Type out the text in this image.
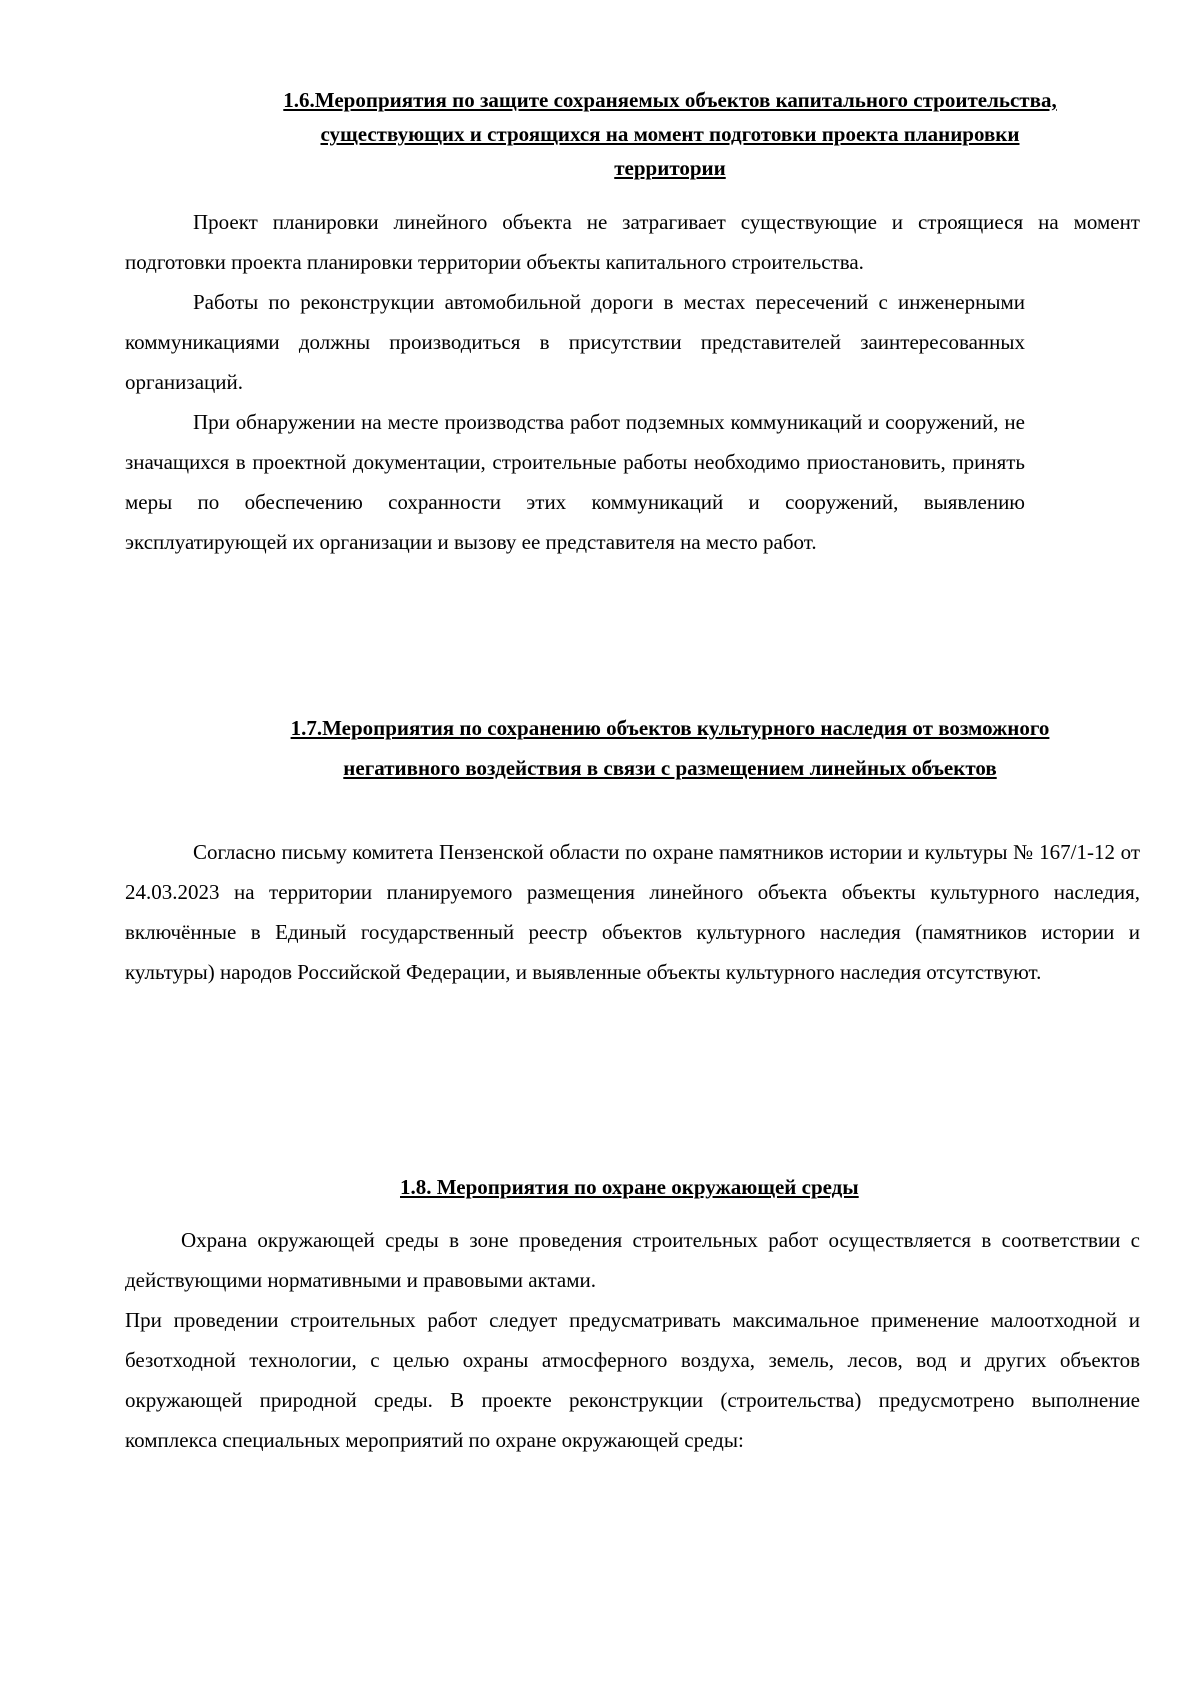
1.6.Мероприятия по защите сохраняемых объектов капитального строительства,

существующих и строящихся на момент подготовки проекта планировки

территории

Проект планировки линейного объекта не затрагивает существующие и строящиеся на момент подготовки проекта планировки территории объекты капитального строительства.

Работы по реконструкции автомобильной дороги в местах пересечений с инженерными коммуникациями должны производиться в присутствии представителей заинтересованных организаций.

При обнаружении на месте производства работ подземных коммуникаций и сооружений, не значащихся в проектной документации, строительные работы необходимо приостановить, принять меры по обеспечению сохранности этих коммуникаций и сооружений, выявлению эксплуатирующей их организации и вызову ее представителя на место работ.

1.7.Мероприятия по сохранению объектов культурного наследия от возможного

негативного воздействия в связи с размещением линейных объектов

Согласно письму комитета Пензенской области по охране памятников истории и культуры № 167/1-12 от 24.03.2023 на территории планируемого размещения линейного объекта объекты культурного наследия, включённые в Единый государственный реестр объектов культурного наследия (памятников истории и культуры) народов Российской Федерации, и выявленные объекты культурного наследия отсутствуют.

1.8. Мероприятия по охране окружающей среды

Охрана окружающей среды в зоне проведения строительных работ осуществляется в соответствии с действующими нормативными и правовыми актами.

При проведении строительных работ следует предусматривать максимальное применение малоотходной и безотходной технологии, с целью охраны атмосферного воздуха, земель, лесов, вод и других объектов окружающей природной среды. В проекте реконструкции (строительства) предусмотрено выполнение комплекса специальных мероприятий по охране окружающей среды:
